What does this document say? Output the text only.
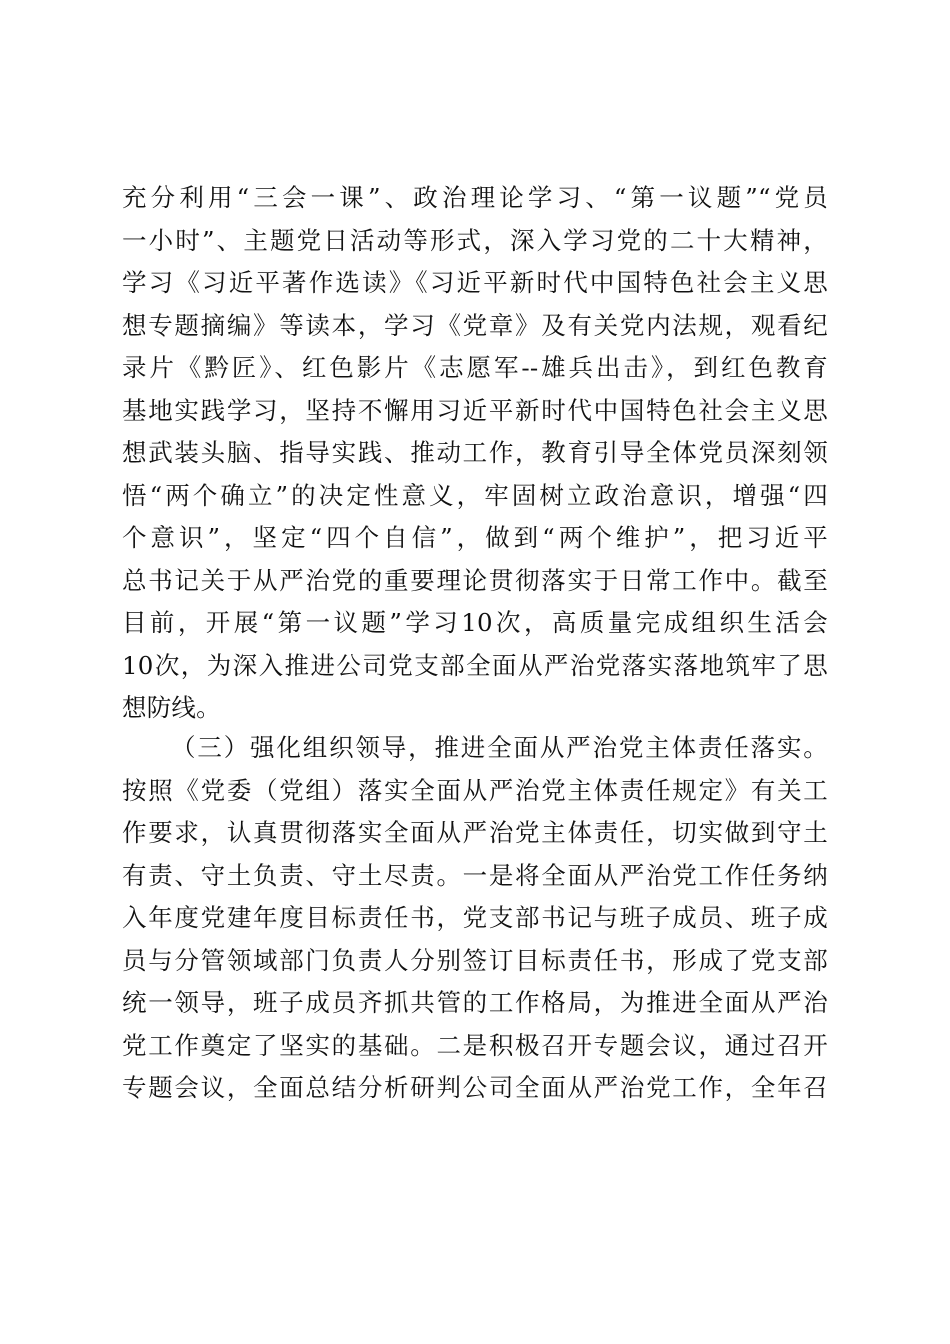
充分利用“三会一课”、政治理论学习、“第一议题”“党员
一小时”、主题党日活动等形式，深入学习党的二十大精神，
学习《习近平著作选读》《习近平新时代中国特色社会主义思
想专题摘编》等读本，学习《党章》及有关党内法规，观看纪
录片《黔匠》、红色影片《志愿军--雄兵出击》，到红色教育
基地实践学习，坚持不懈用习近平新时代中国特色社会主义思
想武装头脑、指导实践、推动工作，教育引导全体党员深刻领
悟“两个确立”的决定性意义，牢固树立政治意识，增强“四
个意识”，坚定“四个自信”，做到“两个维护”，把习近平
总书记关于从严治党的重要理论贯彻落实于日常工作中。截至
目前，开展“第一议题”学习10次，高质量完成组织生活会
10次，为深入推进公司党支部全面从严治党落实落地筑牢了思
想防线。
（三）强化组织领导，推进全面从严治党主体责任落实。
按照《党委（党组）落实全面从严治党主体责任规定》有关工
作要求，认真贯彻落实全面从严治党主体责任，切实做到守土
有责、守土负责、守土尽责。一是将全面从严治党工作任务纳
入年度党建年度目标责任书，党支部书记与班子成员、班子成
员与分管领域部门负责人分别签订目标责任书，形成了党支部
统一领导，班子成员齐抓共管的工作格局，为推进全面从严治
党工作奠定了坚实的基础。二是积极召开专题会议，通过召开
专题会议，全面总结分析研判公司全面从严治党工作，全年召
